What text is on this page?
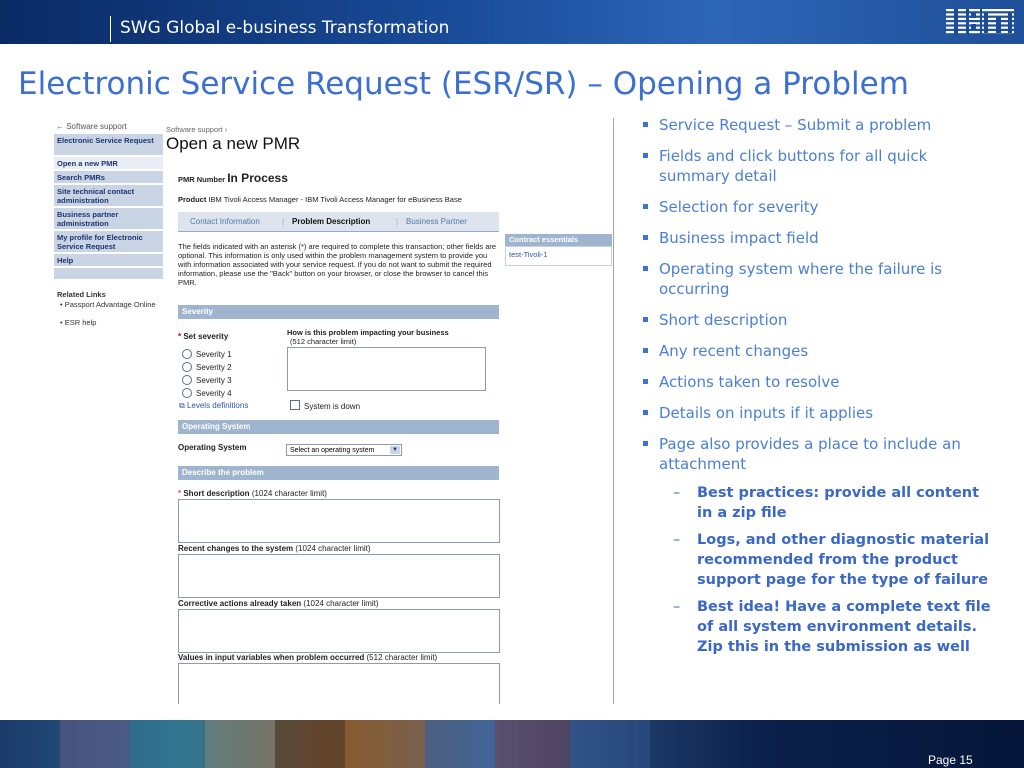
SWG Global e-business Transformation
Electronic Service Request (ESR/SR) – Opening a Problem
← Software support
Electronic Service Request
Open a new PMR
Search PMRs
Site technical contact administration
Business partner administration
My profile for Electronic Service Request
Help
Related Links
• Passport Advantage Online
• ESR help
Software support ›
Open a new PMR
PMR Number In Process
Product IBM Tivoli Access Manager - IBM Tivoli Access Manager for eBusiness Base
Contact Information	| Problem Description	| Business Partner
Contract essentials
test-Tivoli-1
The fields indicated with an asterisk (*) are required to complete this transaction; other fields are optional. This information is only used within the problem management system to provide you with information associated with your service request. If you do not want to submit the required information, please use the "Back" button on your browser, or close the browser to cancel this PMR.
Severity
* Set severity
Severity 1
Severity 2
Severity 3
Severity 4
⧉ Levels definitions
How is this problem impacting your business
(512 character limit)
System is down
Operating System
Operating System	Select an operating system	▼
Describe the problem
* Short description (1024 character limit)
Recent changes to the system (1024 character limit)
Corrective actions already taken (1024 character limit)
Values in input variables when problem occurred (512 character limit)
Service Request – Submit a problem
Fields and click buttons for all quick summary detail
Selection for severity
Business impact field
Operating system where the failure is occurring
Short description
Any recent changes
Actions taken to resolve
Details on inputs if it applies
Page also provides a place to include an attachment
– Best practices: provide all content in a zip file
– Logs, and other diagnostic material recommended from the product support page for the type of failure
– Best idea! Have a complete text file of all system environment details. Zip this in the submission as well
Page 15
